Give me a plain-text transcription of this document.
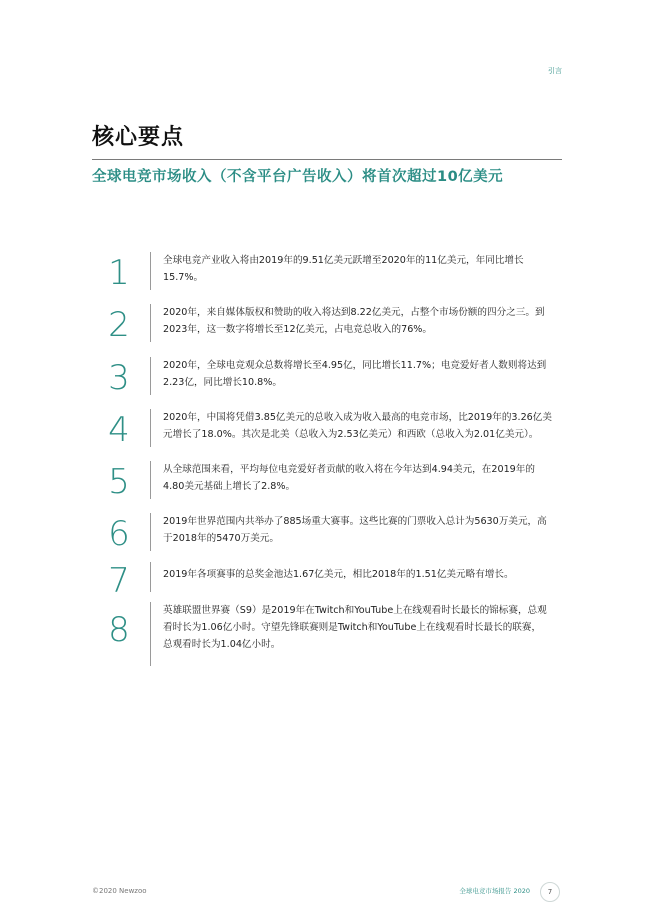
引言
核心要点
全球电竞市场收入（不含平台广告收入）将首次超过10亿美元
1	全球电竞产业收入将由2019年的9.51亿美元跃增至2020年的11亿美元，年同比增长
15.7%。
2	2020年，来自媒体版权和赞助的收入将达到8.22亿美元，占整个市场份额的四分之三。到
2023年，这一数字将增长至12亿美元，占电竞总收入的76%。
3	2020年，全球电竞观众总数将增长至4.95亿，同比增长11.7%；电竞爱好者人数则将达到
2.23亿，同比增长10.8%。
4	2020年，中国将凭借3.85亿美元的总收入成为收入最高的电竞市场，比2019年的3.26亿美
元增长了18.0%。其次是北美（总收入为2.53亿美元）和西欧（总收入为2.01亿美元）。
5	从全球范围来看，平均每位电竞爱好者贡献的收入将在今年达到4.94美元，在2019年的
4.80美元基础上增长了2.8%。
6	2019年世界范围内共举办了885场重大赛事。这些比赛的门票收入总计为5630万美元，高
于2018年的5470万美元。
7	2019年各项赛事的总奖金池达1.67亿美元，相比2018年的1.51亿美元略有增长。
8	英雄联盟世界赛（S9）是2019年在Twitch和YouTube上在线观看时长最长的锦标赛，总观
看时长为1.06亿小时。守望先锋联赛则是Twitch和YouTube上在线观看时长最长的联赛，
总观看时长为1.04亿小时。
©2020 Newzoo	全球电竞市场报告 2020	7
